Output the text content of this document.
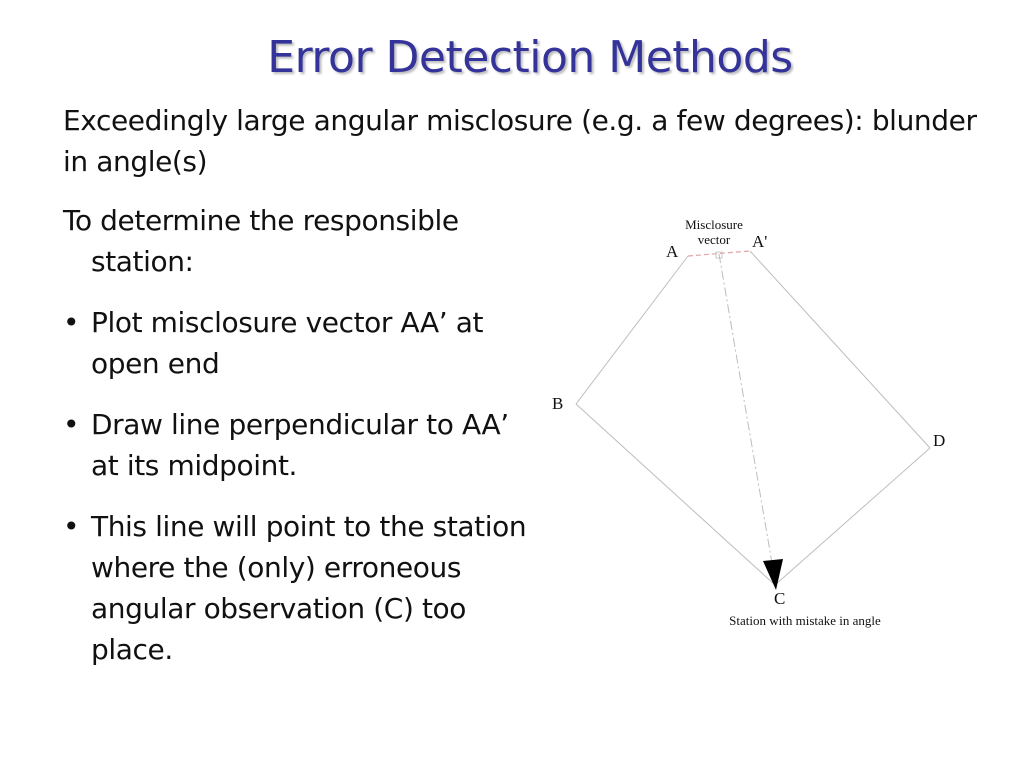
Error Detection Methods
Exceedingly large angular misclosure (e.g. a few degrees): blunder in angle(s)

To determine the responsible station:

• Plot misclosure vector AA’ at open end
• Draw line perpendicular to AA’ at its midpoint.
• This line will point to the station where the (only) erroneous angular observation (C) too place.
Misclosure
vector
A
A'
B
D
C
Station with mistake in angle
